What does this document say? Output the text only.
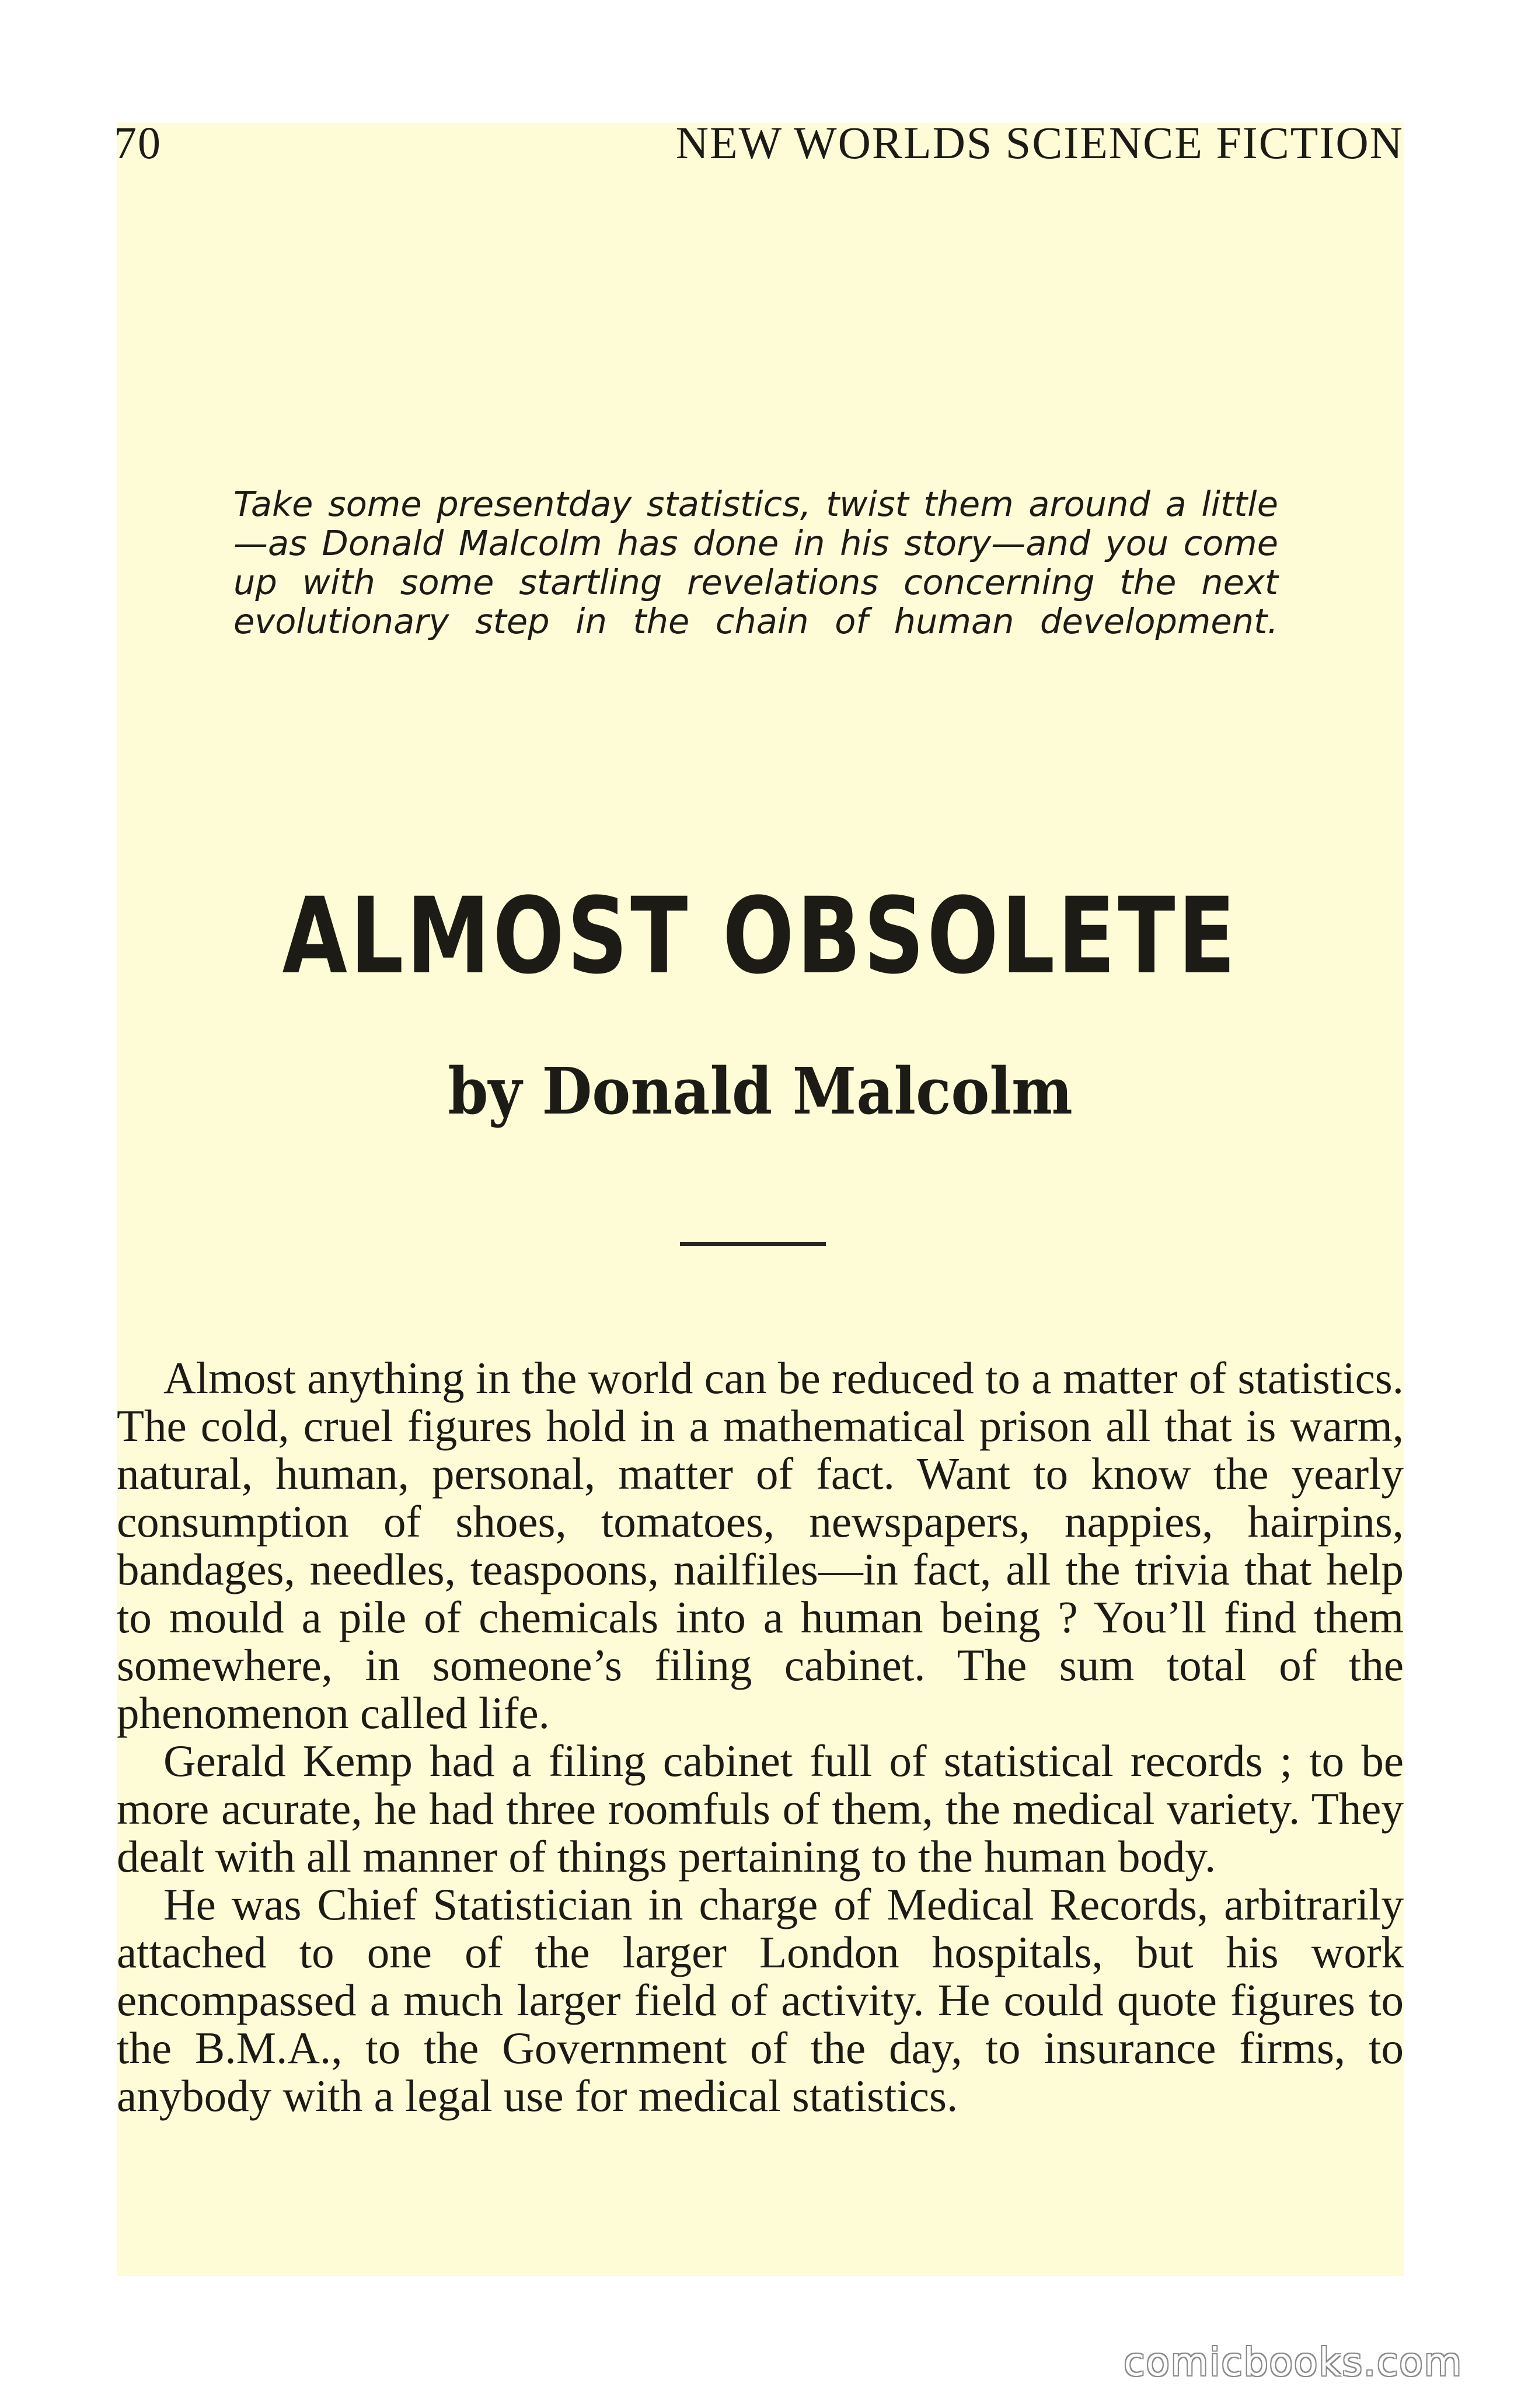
70	NEW WORLDS SCIENCE FICTION
Take some presentday statistics, twist them around a little —as Donald Malcolm has done in his story—and you come up with some startling revelations concerning the next evolutionary step in the chain of human development.
ALMOST OBSOLETE
by Donald Malcolm

Almost anything in the world can be reduced to a matter of statistics. The cold, cruel figures hold in a mathematical prison all that is warm, natural, human, personal, matter of fact. Want to know the yearly consumption of shoes, tomatoes, newspapers, nappies, hairpins, bandages, needles, teaspoons, nailfiles—in fact, all the trivia that help to mould a pile of chemicals into a human being ? You’ll find them somewhere, in someone’s filing cabinet. The sum total of the phenomenon called life.

Gerald Kemp had a filing cabinet full of statistical records ; to be more acurate, he had three roomfuls of them, the medical variety. They dealt with all manner of things pertaining to the human body.

He was Chief Statistician in charge of Medical Records, arbitrarily attached to one of the larger London hospitals, but his work encompassed a much larger field of activity. He could quote figures to the B.M.A., to the Government of the day, to insurance firms, to anybody with a legal use for medical statistics.

comicbooks.com
